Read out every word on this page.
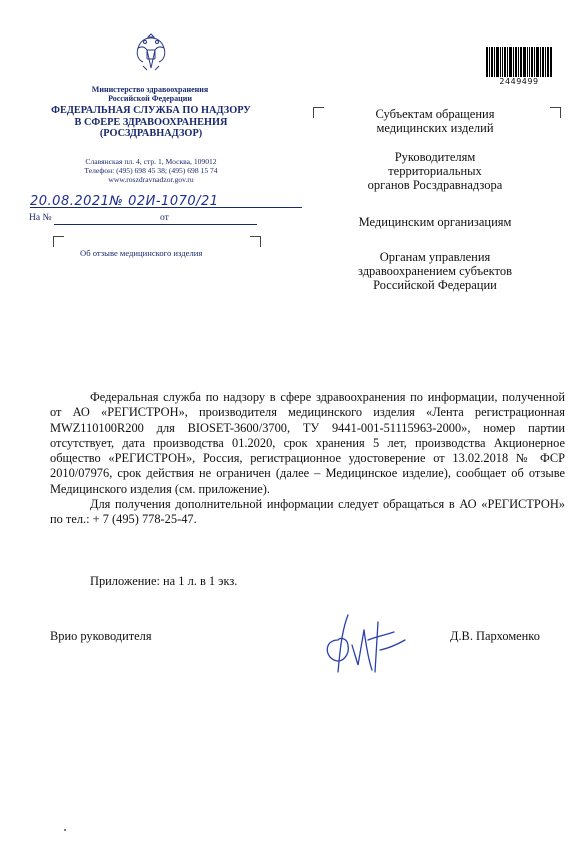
Министерство здравоохранения
Российской Федерации
ФЕДЕРАЛЬНАЯ СЛУЖБА ПО НАДЗОРУ
В СФЕРЕ ЗДРАВООХРАНЕНИЯ
(РОСЗДРАВНАДЗОР)
Славянская пл. 4, стр. 1, Москва, 109012
Телефон: (495) 698 45 38; (495) 698 15 74
www.roszdravnadzor.gov.ru
20.08.2021№ 02И-1070/21
На №	от
Об отзыве медицинского изделия
2449499
Субъектам обращения
медицинских изделий
Руководителям
территориальных
органов Росздравнадзора
Медицинским организациям
Органам управления
здравоохранением субъектов
Российской Федерации

Федеральная служба по надзору в сфере здравоохранения по информации, полученной от АО «РЕГИСТРОН», производителя медицинского изделия «Лента регистрационная MWZ110100R200 для BIOSET-3600/3700, ТУ 9441-001-51115963-2000», номер партии отсутствует, дата производства 01.2020, срок хранения 5 лет, производства Акционерное общество «РЕГИСТРОН», Россия, регистрационное удостоверение от 13.02.2018 № ФСР 2010/07976, срок действия не ограничен (далее – Медицинское изделие), сообщает об отзыве Медицинского изделия (см. приложение).

Для получения дополнительной информации следует обращаться в АО «РЕГИСТРОН» по тел.: + 7 (495) 778-25-47.

Приложение: на 1 л. в 1 экз.
Врио руководителя	Д.В. Пархоменко
